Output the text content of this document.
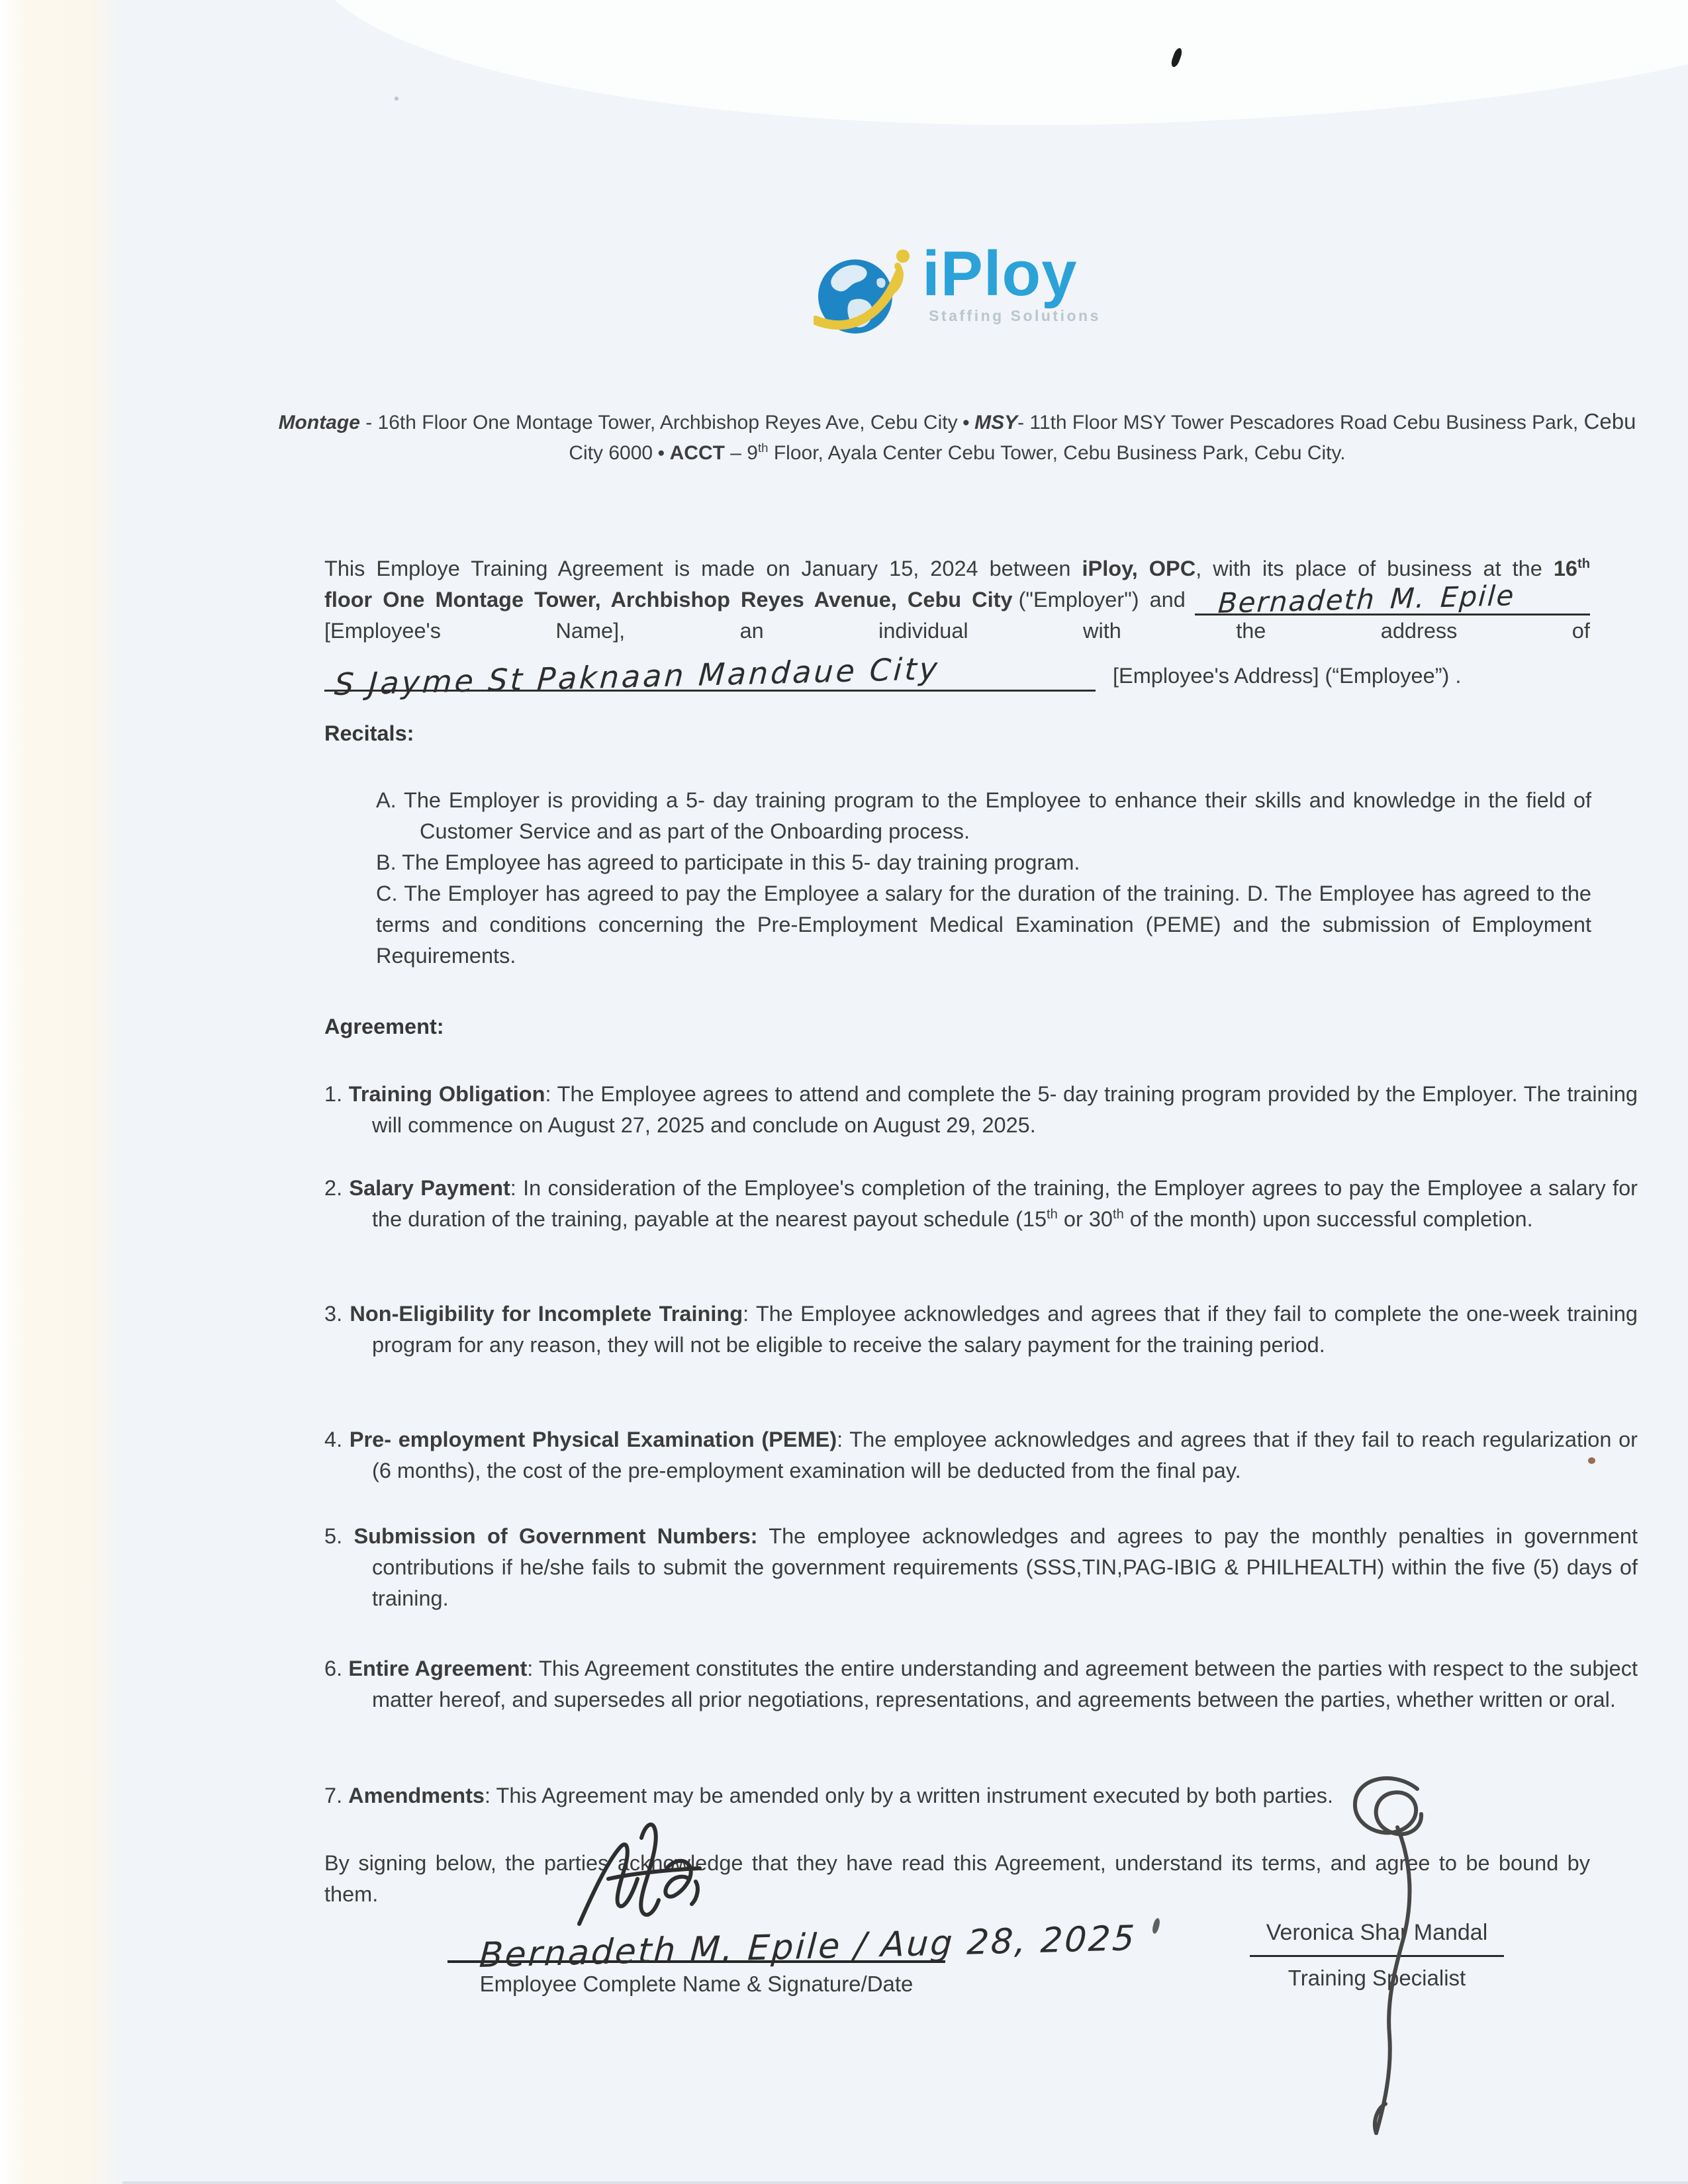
iPloy
Staffing Solutions
Montage - 16th Floor One Montage Tower, Archbishop Reyes Ave, Cebu City ● MSY- 11th Floor MSY Tower Pescadores Road Cebu Business Park, Cebu
City 6000 ● ACCT – 9th Floor, Ayala Center Cebu Tower, Cebu Business Park, Cebu City.
This Employe Training Agreement is made on January 15, 2024 between iPloy, OPC, with its place of business at the 16th
floor One Montage Tower, Archbishop Reyes Avenue, Cebu City ("Employer") and Bernadeth M. Epile
[Employee's	Name],	an	individual	with	the	address	of
S Jayme St Paknaan Mandaue City	[Employee's Address] (“Employee”) .
Recitals:

A. The Employer is providing a 5- day training program to the Employee to enhance their skills and knowledge in the field of Customer Service and as part of the Onboarding process.

B. The Employee has agreed to participate in this 5- day training program.

C. The Employer has agreed to pay the Employee a salary for the duration of the training. D. The Employee has agreed to the terms and conditions concerning the Pre-Employment Medical Examination (PEME) and the submission of Employment Requirements.

Agreement:
1. Training Obligation: The Employee agrees to attend and complete the 5- day training program provided by the Employer. The training will commence on August 27, 2025 and conclude on August 29, 2025.
2. Salary Payment: In consideration of the Employee's completion of the training, the Employer agrees to pay the Employee a salary for the duration of the training, payable at the nearest payout schedule (15th or 30th of the month) upon successful completion.
3. Non-Eligibility for Incomplete Training: The Employee acknowledges and agrees that if they fail to complete the one-week training program for any reason, they will not be eligible to receive the salary payment for the training period.
4. Pre- employment Physical Examination (PEME): The employee acknowledges and agrees that if they fail to reach regularization or (6 months), the cost of the pre-employment examination will be deducted from the final pay.
5. Submission of Government Numbers: The employee acknowledges and agrees to pay the monthly penalties in government contributions if he/she fails to submit the government requirements (SSS,TIN,PAG-IBIG & PHILHEALTH) within the five (5) days of training.
6. Entire Agreement: This Agreement constitutes the entire understanding and agreement between the parties with respect to the subject matter hereof, and supersedes all prior negotiations, representations, and agreements between the parties, whether written or oral.
7. Amendments: This Agreement may be amended only by a written instrument executed by both parties.
By signing below, the parties acknowledge that they have read this Agreement, understand its terms, and agree to be bound by them.
Bernadeth M. Epile / Aug 28, 2025
Employee Complete Name & Signature/Date
Veronica Shar Mandal
Training Specialist
